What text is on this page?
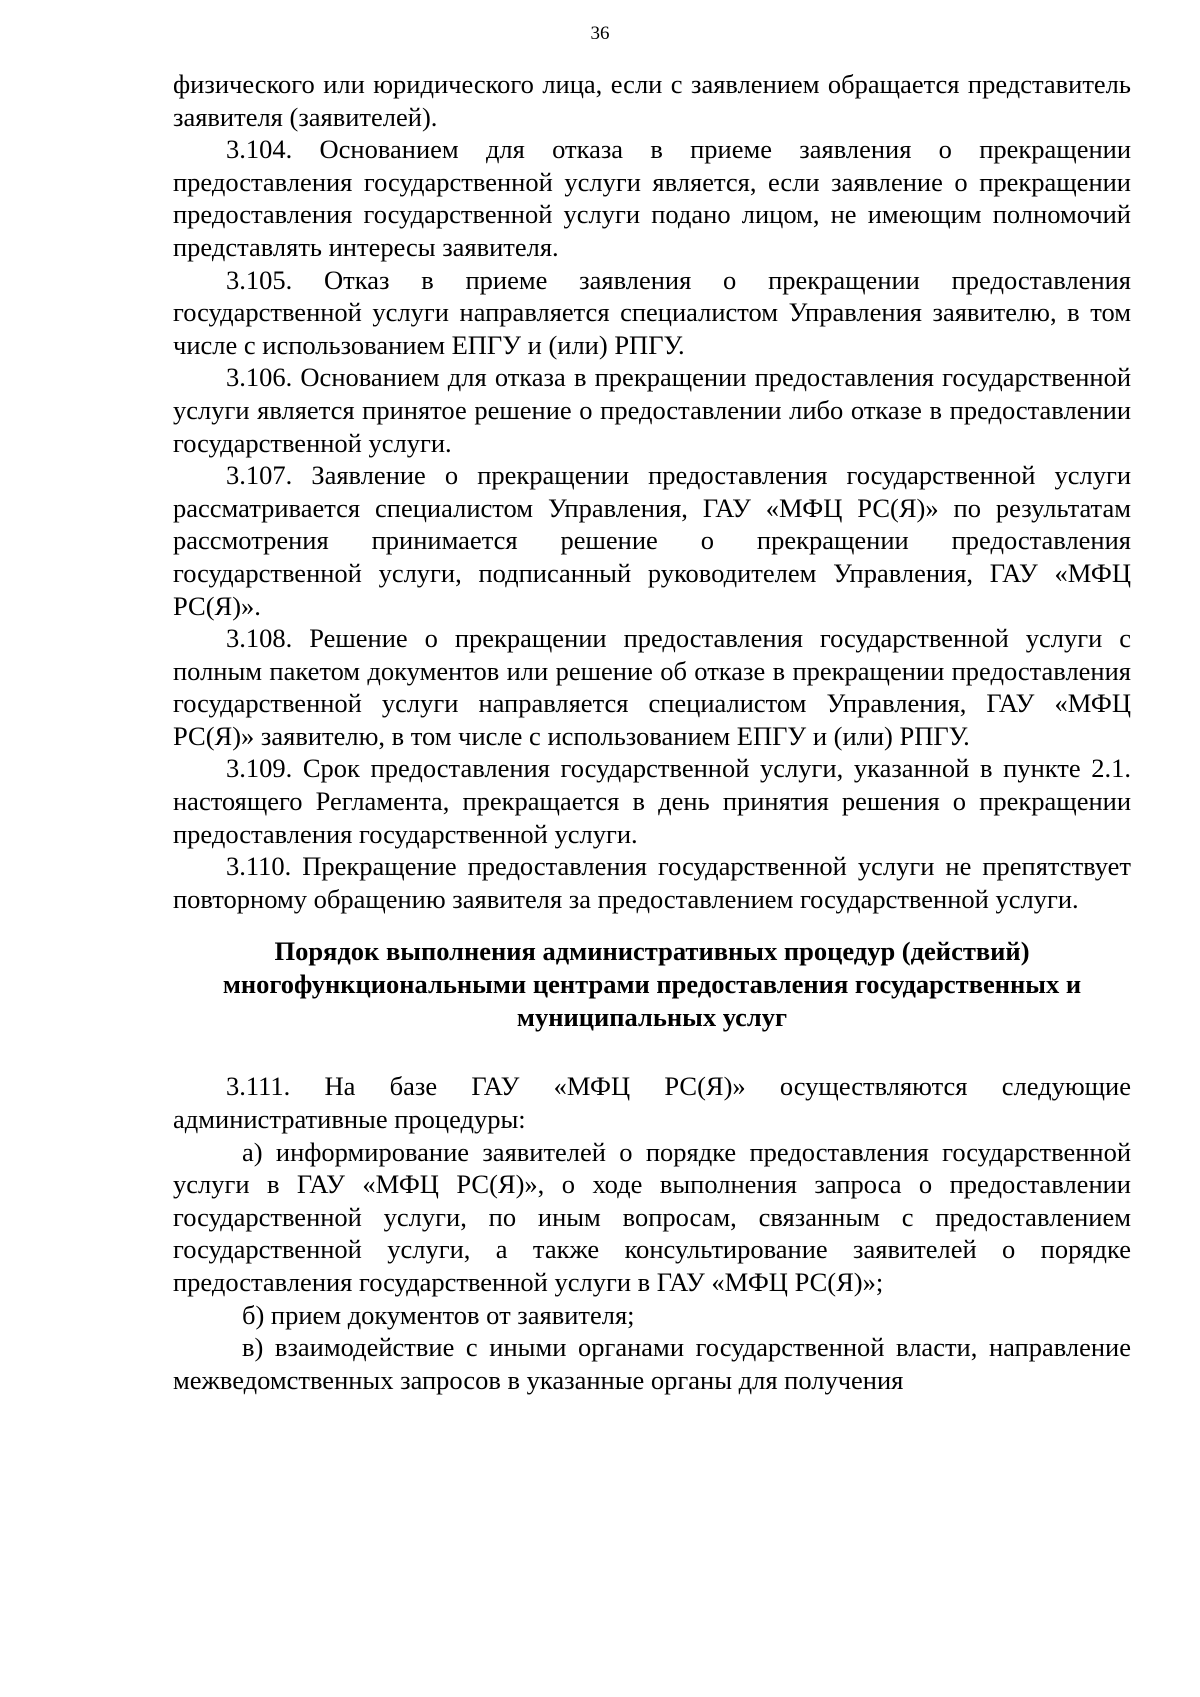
36

физического или юридического лица, если с заявлением обращается представитель заявителя (заявителей).

3.104. Основанием для отказа в приеме заявления о прекращении предоставления государственной услуги является, если заявление о прекращении предоставления государственной услуги подано лицом, не имеющим полномочий представлять интересы заявителя.

3.105. Отказ в приеме заявления о прекращении предоставления государственной услуги направляется специалистом Управления заявителю, в том числе с использованием ЕПГУ и (или) РПГУ.

3.106. Основанием для отказа в прекращении предоставления государственной услуги является принятое решение о предоставлении либо отказе в предоставлении государственной услуги.

3.107. Заявление о прекращении предоставления государственной услуги рассматривается специалистом Управления, ГАУ «МФЦ РС(Я)» по результатам рассмотрения принимается решение о прекращении предоставления государственной услуги, подписанный руководителем Управления, ГАУ «МФЦ РС(Я)».

3.108. Решение о прекращении предоставления государственной услуги с полным пакетом документов или решение об отказе в прекращении предоставления государственной услуги направляется специалистом Управления, ГАУ «МФЦ РС(Я)» заявителю, в том числе с использованием ЕПГУ и (или) РПГУ.

3.109. Срок предоставления государственной услуги, указанной в пункте 2.1. настоящего Регламента, прекращается в день принятия решения о прекращении предоставления государственной услуги.

3.110. Прекращение предоставления государственной услуги не препятствует повторному обращению заявителя за предоставлением государственной услуги.

Порядок выполнения административных процедур (действий) многофункциональными центрами предоставления государственных и муниципальных услуг

3.111. На базе ГАУ «МФЦ РС(Я)» осуществляются следующие административные процедуры:

а) информирование заявителей о порядке предоставления государственной услуги в ГАУ «МФЦ РС(Я)», о ходе выполнения запроса о предоставлении государственной услуги, по иным вопросам, связанным с предоставлением государственной услуги, а также консультирование заявителей о порядке предоставления государственной услуги в ГАУ «МФЦ РС(Я)»;

б) прием документов от заявителя;

в) взаимодействие с иными органами государственной власти, направление межведомственных запросов в указанные органы для получения
